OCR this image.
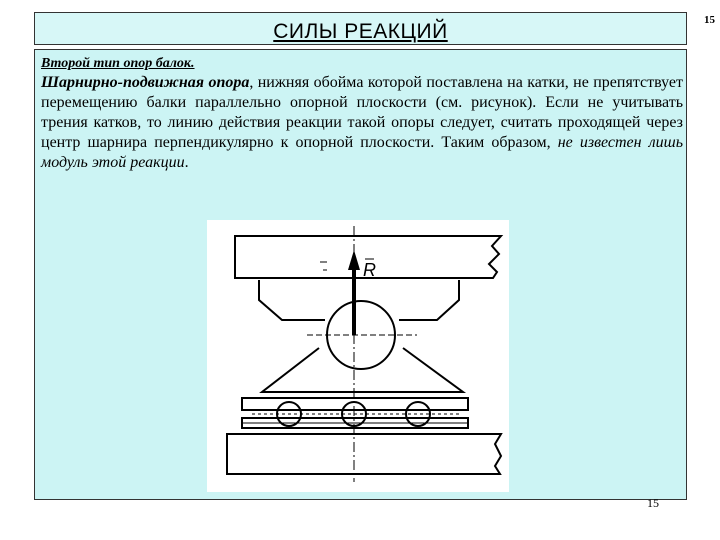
15
СИЛЫ РЕАКЦИЙ
Второй тип опор балок.

Шарнирно-подвижная опора, нижняя обойма которой поставлена на катки, не препятствует перемещению балки параллельно опорной плоскости (см. рисунок). Если не учитывать трения катков, то линию действия реакции такой опоры следует, считать проходящей через центр шарнира перпендикулярно к опорной плоскости. Таким образом, не известен лишь модуль этой реакции.

R
15
